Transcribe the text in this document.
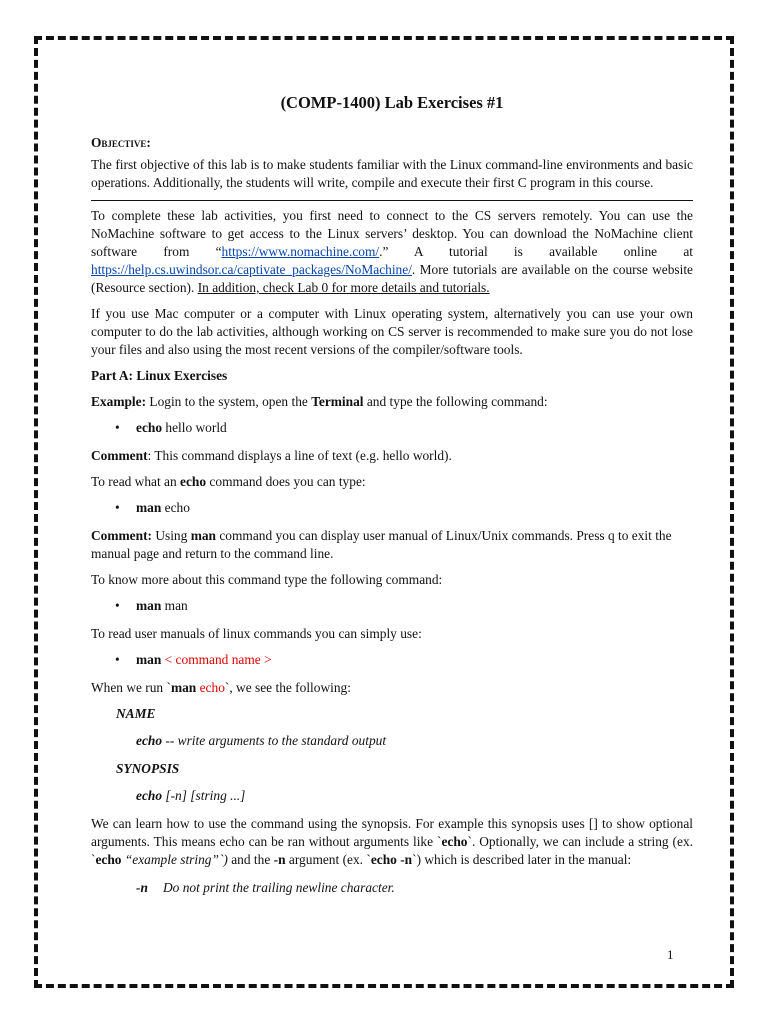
(COMP-1400) Lab Exercises #1
Objective:

The first objective of this lab is to make students familiar with the Linux command-line environments and basic operations. Additionally, the students will write, compile and execute their first C program in this course.

To complete these lab activities, you first need to connect to the CS servers remotely. You can use the NoMachine software to get access to the Linux servers’ desktop. You can download the NoMachine client software from “https://www.nomachine.com/.” A tutorial is available online at https://help.cs.uwindsor.ca/captivate_packages/NoMachine/. More tutorials are available on the course website (Resource section). In addition, check Lab 0 for more details and tutorials.

If you use Mac computer or a computer with Linux operating system, alternatively you can use your own computer to do the lab activities, although working on CS server is recommended to make sure you do not lose your files and also using the most recent versions of the compiler/software tools.

Part A: Linux Exercises

Example: Login to the system, open the Terminal and type the following command:

•	echo hello world

Comment: This command displays a line of text (e.g. hello world).

To read what an echo command does you can type:

•	man echo

Comment: Using man command you can display user manual of Linux/Unix commands. Press q to exit the manual page and return to the command line.

To know more about this command type the following command:

•	man man

To read user manuals of linux commands you can simply use:

•	man < command name >

When we run `man echo`, we see the following:

NAME
echo -- write arguments to the standard output
SYNOPSIS
echo [-n] [string ...]

We can learn how to use the command using the synopsis. For example this synopsis uses [] to show optional arguments. This means echo can be ran without arguments like `echo`. Optionally, we can include a string (ex. `echo “example string”`) and the -n argument (ex. `echo -n`) which is described later in the manual:

-n Do not print the trailing newline character.
1
